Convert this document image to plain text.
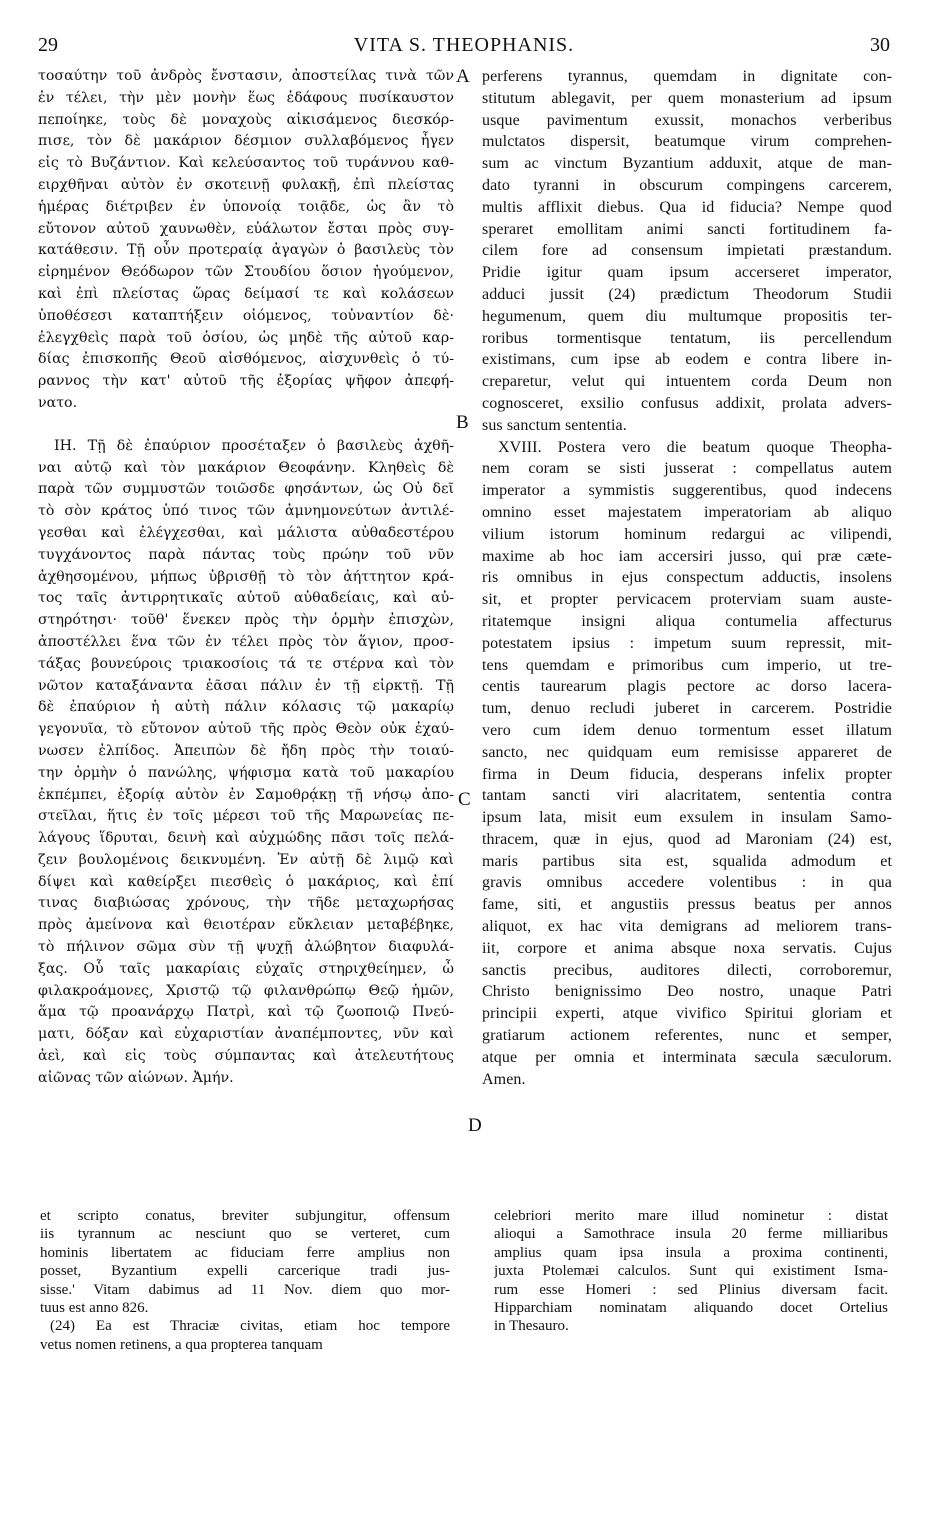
29	VITA S. THEOPHANIS.	30
τοσαύτην τοῦ ἀνδρὸς ἔνστασιν, ἀποστείλας τινὰ τῶν
ἐν τέλει, τὴν μὲν μονὴν ἕως ἐδάφους πυσίκαυστον
πεποίηκε, τοὺς δὲ μοναχοὺς αἰκισάμενος διεσκόρ-
πισε, τὸν δὲ μακάριον δέσμιον συλλαβόμενος ἦγεν
εἰς τὸ Βυζάντιον. Καὶ κελεύσαντος τοῦ τυράννου καθ-
ειρχθῆναι αὐτὸν ἐν σκοτεινῇ φυλακῇ, ἐπὶ πλείστας
ἡμέρας διέτριβεν ἐν ὑπονοίᾳ τοιᾷδε, ὡς ἂν τὸ
εὔτονον αὐτοῦ χαυνωθὲν, εὐάλωτον ἔσται πρὸς συγ-
κατάθεσιν. Τῇ οὖν προτεραίᾳ ἀγαγὼν ὁ βασιλεὺς τὸν
εἰρημένον Θεόδωρον τῶν Στουδίου ὅσιον ἡγούμενον,
καὶ ἐπὶ πλείστας ὥρας δείμασί τε καὶ κολάσεων
ὑποθέσεσι καταπτήξειν οἰόμενος, τοὐναντίον δὲ·
ἐλεγχθεὶς παρὰ τοῦ ὁσίου, ὡς μηδὲ τῆς αὐτοῦ καρ-
δίας ἐπισκοπῆς Θεοῦ αἰσθόμενος, αἰσχυνθεὶς ὁ τύ-
ραννος τὴν κατ' αὐτοῦ τῆς ἐξορίας ψῆφον ἀπεφή-
νατο.
ΙΗ. Τῇ δὲ ἐπαύριον προσέταξεν ὁ βασιλεὺς ἀχθῆ-
ναι αὐτῷ καὶ τὸν μακάριον Θεοφάνην. Κληθεὶς δὲ
παρὰ τῶν συμμυστῶν τοιῶσδε φησάντων, ὡς Οὐ δεῖ
τὸ σὸν κράτος ὑπό τινος τῶν ἀμνημονεύτων ἀντιλέ-
γεσθαι καὶ ἐλέγχεσθαι, καὶ μάλιστα αὐθαδεστέρου
τυγχάνοντος παρὰ πάντας τοὺς πρώην τοῦ νῦν
ἀχθησομένου, μήπως ὑβρισθῇ τὸ τὸν ἀήττητον κρά-
τος ταῖς ἀντιρρητικαῖς αὐτοῦ αὐθαδείαις, καὶ αὐ-
στηρότησι· τοῦθ' ἕνεκεν πρὸς τὴν ὁρμὴν ἐπισχὼν,
ἀποστέλλει ἕνα τῶν ἐν τέλει πρὸς τὸν ἅγιον, προσ-
τάξας βουνεύροις τριακοσίοις τά τε στέρνα καὶ τὸν
νῶτον καταξάναντα ἐᾶσαι πάλιν ἐν τῇ εἱρκτῇ. Τῇ
δὲ ἐπαύριον ἡ αὐτὴ πάλιν κόλασις τῷ μακαρίῳ
γεγονυῖα, τὸ εὔτονον αὐτοῦ τῆς πρὸς Θεὸν οὐκ ἐχαύ-
νωσεν ἐλπίδος. Ἀπειπὼν δὲ ἤδη πρὸς τὴν τοιαύ-
την ὁρμὴν ὁ πανώλης, ψήφισμα κατὰ τοῦ μακαρίου
ἐκπέμπει, ἐξορίᾳ αὐτὸν ἐν Σαμοθρᾴκῃ τῇ νήσῳ ἀπο-
στεῖλαι, ἥτις ἐν τοῖς μέρεσι τοῦ τῆς Μαρωνείας πε-
λάγους ἵδρυται, δεινὴ καὶ αὐχμώδης πᾶσι τοῖς πελά-
ζειν βουλομένοις δεικνυμένη. Ἐν αὐτῇ δὲ λιμῷ καὶ
δίψει καὶ καθείρξει πιεσθεὶς ὁ μακάριος, καὶ ἐπί
τινας διαβιώσας χρόνους, τὴν τῆδε μεταχωρήσας
πρὸς ἀμείνονα καὶ θειοτέραν εὔκλειαν μεταβέβηκε,
τὸ πήλινον σῶμα σὺν τῇ ψυχῇ ἀλώβητον διαφυλά-
ξας. Οὗ ταῖς μακαρίαις εὐχαῖς στηριχθείημεν, ὦ
φιλακροάμονες, Χριστῷ τῷ φιλανθρώπῳ Θεῷ ἡμῶν,
ἅμα τῷ προανάρχῳ Πατρὶ, καὶ τῷ ζωοποιῷ Πνεύ-
ματι, δόξαν καὶ εὐχαριστίαν ἀναπέμποντες, νῦν καὶ
ἀεὶ, καὶ εἰς τοὺς σύμπαντας καὶ ἀτελευτήτους
αἰῶνας τῶν αἰώνων. Ἀμήν.
perferens tyrannus, quemdam in dignitate con-
stitutum ablegavit, per quem monasterium ad ipsum
usque pavimentum exussit, monachos verberibus
mulctatos dispersit, beatumque virum comprehen-
sum ac vinctum Byzantium adduxit, atque de man-
dato tyranni in obscurum compingens carcerem,
multis afflixit diebus. Qua id fiducia? Nempe quod
speraret emollitam animi sancti fortitudinem fa-
cilem fore ad consensum impietati præstandum.
Pridie igitur quam ipsum accerseret imperator,
adduci jussit (24) prædictum Theodorum Studii
hegumenum, quem diu multumque propositis ter-
roribus tormentisque tentatum, iis percellendum
existimans, cum ipse ab eodem e contra libere in-
creparetur, velut qui intuentem corda Deum non
cognosceret, exsilio confusus addixit, prolata advers-
sus sanctum sententia.
XVIII. Postera vero die beatum quoque Theopha-
nem coram se sisti jusserat : compellatus autem
imperator a symmistis suggerentibus, quod indecens
omnino esset majestatem imperatoriam ab aliquo
vilium istorum hominum redargui ac vilipendi,
maxime ab hoc iam accersiri jusso, qui præ cæte-
ris omnibus in ejus conspectum adductis, insolens
sit, et propter pervicacem proterviam suam auste-
ritatemque insigni aliqua contumelia affecturus
potestatem ipsius : impetum suum repressit, mit-
tens quemdam e primoribus cum imperio, ut tre-
centis taurearum plagis pectore ac dorso lacera-
tum, denuo recludi juberet in carcerem. Postridie
vero cum idem denuo tormentum esset illatum
sancto, nec quidquam eum remisisse appareret de
firma in Deum fiducia, desperans infelix propter
tantam sancti viri alacritatem, sententia contra
ipsum lata, misit eum exsulem in insulam Samo-
thracem, quæ in ejus, quod ad Maroniam (24) est,
maris partibus sita est, squalida admodum et
gravis omnibus accedere volentibus : in qua
fame, siti, et angustiis pressus beatus per annos
aliquot, ex hac vita demigrans ad meliorem trans-
iit, corpore et anima absque noxa servatis. Cujus
sanctis precibus, auditores dilecti, corroboremur,
Christo benignissimo Deo nostro, unaque Patri
principii experti, atque vivifico Spiritui gloriam et
gratiarum actionem referentes, nunc et semper,
atque per omnia et interminata sæcula sæculorum.
Amen.
A
B
C
D
et scripto conatus, breviter subjungitur, offensum
iis tyrannum ac nesciunt quo se verteret, cum
hominis libertatem ac fiduciam ferre amplius non
posset, Byzantium expelli carcerique tradi jus-
sisse.' Vitam dabimus ad 11 Nov. diem quo mor-
tuus est anno 826.
(24) Ea est Thraciæ civitas, etiam hoc tempore
vetus nomen retinens, a qua propterea tanquam
celebriori merito mare illud nominetur : distat
alioqui a Samothrace insula 20 ferme milliaribus
amplius quam ipsa insula a proxima continenti,
juxta Ptolemæi calculos. Sunt qui existiment Isma-
rum esse Homeri : sed Plinius diversam facit.
Hipparchiam nominatam aliquando docet Ortelius
in Thesauro.
